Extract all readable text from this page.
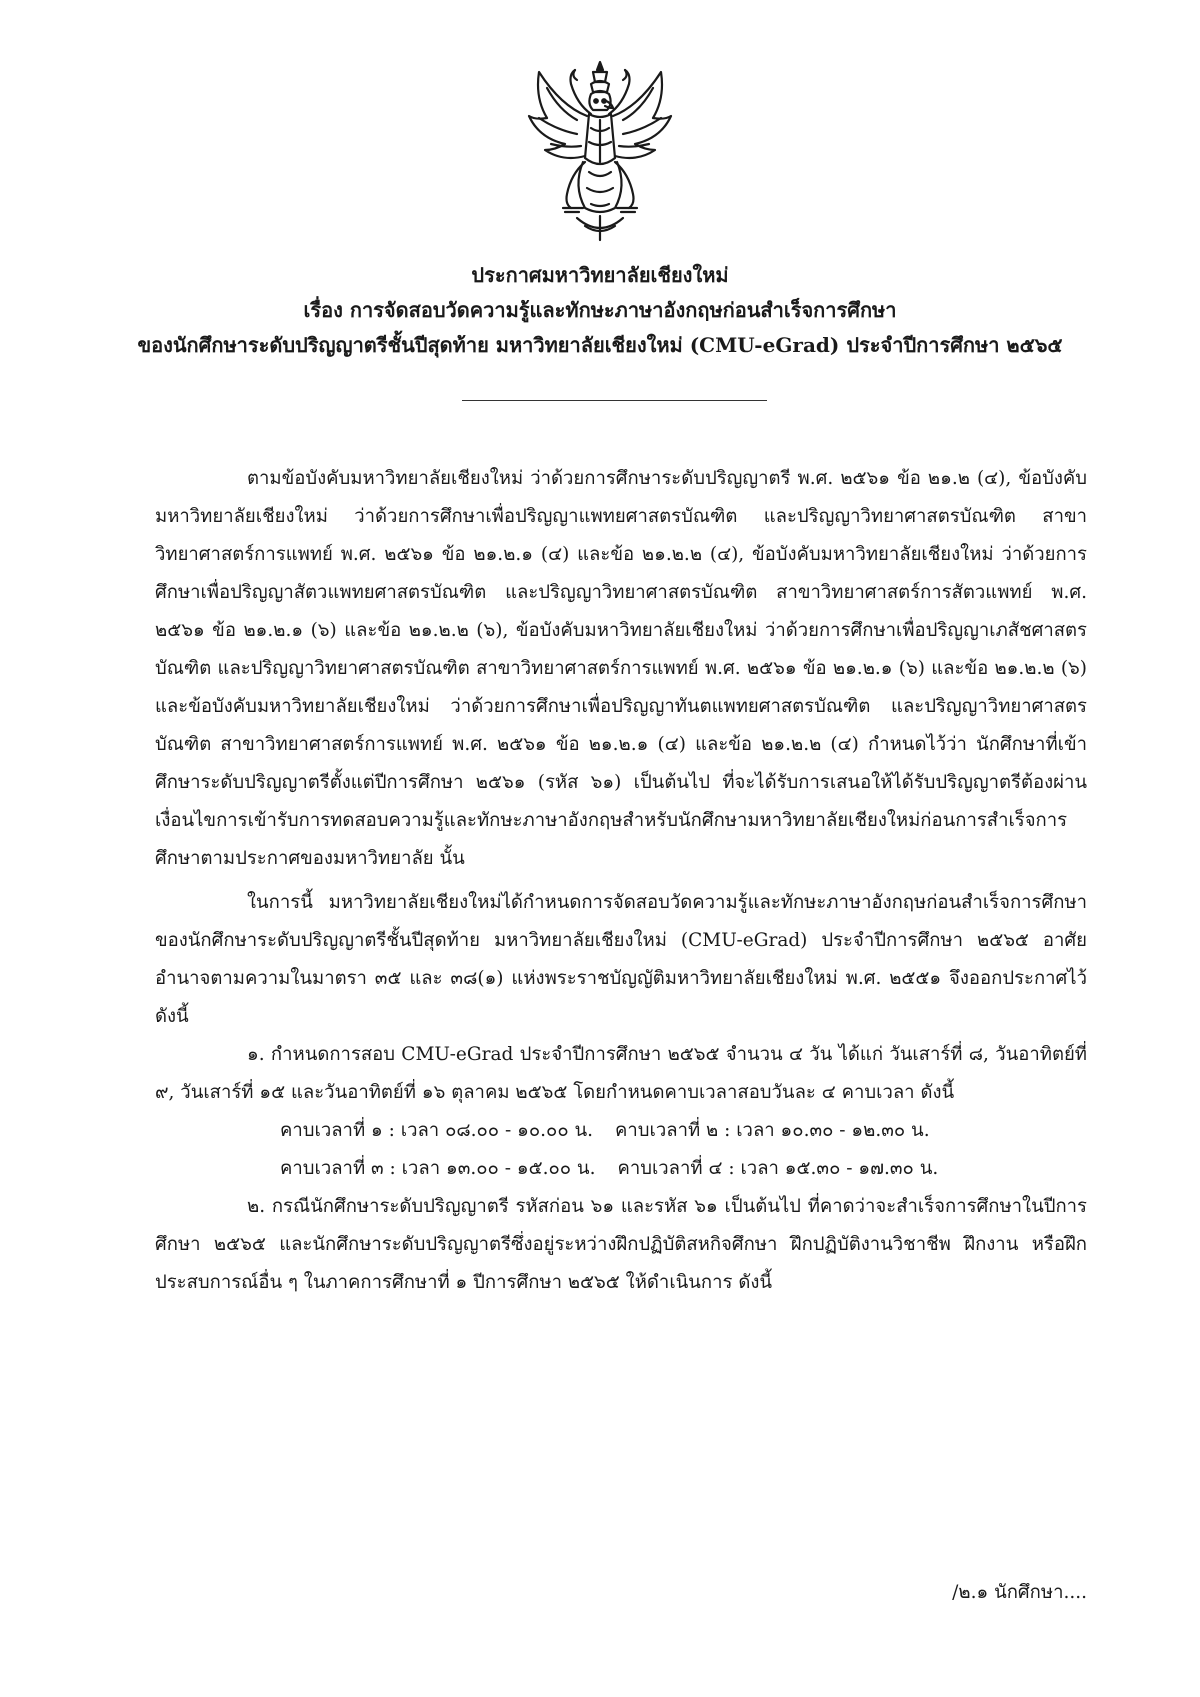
ประกาศมหาวิทยาลัยเชียงใหม่
เรื่อง การจัดสอบวัดความรู้และทักษะภาษาอังกฤษก่อนสำเร็จการศึกษา
ของนักศึกษาระดับปริญญาตรีชั้นปีสุดท้าย มหาวิทยาลัยเชียงใหม่ (CMU-eGrad) ประจำปีการศึกษา ๒๕๖๕

ตามข้อบังคับมหาวิทยาลัยเชียงใหม่ ว่าด้วยการศึกษาระดับปริญญาตรี พ.ศ. ๒๕๖๑ ข้อ ๒๑.๒ (๔), ข้อบังคับมหาวิทยาลัยเชียงใหม่ ว่าด้วยการศึกษาเพื่อปริญญาแพทยศาสตรบัณฑิต และปริญญาวิทยาศาสตรบัณฑิต สาขาวิทยาศาสตร์การแพทย์ พ.ศ. ๒๕๖๑ ข้อ ๒๑.๒.๑ (๔) และข้อ ๒๑.๒.๒ (๔), ข้อบังคับมหาวิทยาลัยเชียงใหม่ ว่าด้วยการศึกษาเพื่อปริญญาสัตวแพทยศาสตรบัณฑิต และปริญญาวิทยาศาสตรบัณฑิต สาขาวิทยาศาสตร์การสัตวแพทย์ พ.ศ. ๒๕๖๑ ข้อ ๒๑.๒.๑ (๖) และข้อ ๒๑.๒.๒ (๖), ข้อบังคับมหาวิทยาลัยเชียงใหม่ ว่าด้วยการศึกษาเพื่อปริญญาเภสัชศาสตรบัณฑิต และปริญญาวิทยาศาสตรบัณฑิต สาขาวิทยาศาสตร์การแพทย์ พ.ศ. ๒๕๖๑ ข้อ ๒๑.๒.๑ (๖) และข้อ ๒๑.๒.๒ (๖) และข้อบังคับมหาวิทยาลัยเชียงใหม่ ว่าด้วยการศึกษาเพื่อปริญญาทันตแพทยศาสตรบัณฑิต และปริญญาวิทยาศาสตรบัณฑิต สาขาวิทยาศาสตร์การแพทย์ พ.ศ. ๒๕๖๑ ข้อ ๒๑.๒.๑ (๔) และข้อ ๒๑.๒.๒ (๔) กำหนดไว้ว่า นักศึกษาที่เข้าศึกษาระดับปริญญาตรีตั้งแต่ปีการศึกษา ๒๕๖๑ (รหัส ๖๑) เป็นต้นไป ที่จะได้รับการเสนอให้ได้รับปริญญาตรีต้องผ่านเงื่อนไขการเข้ารับการทดสอบความรู้และทักษะภาษาอังกฤษสำหรับนักศึกษามหาวิทยาลัยเชียงใหม่ก่อนการสำเร็จการศึกษาตามประกาศของมหาวิทยาลัย นั้น

ในการนี้ มหาวิทยาลัยเชียงใหม่ได้กำหนดการจัดสอบวัดความรู้และทักษะภาษาอังกฤษก่อนสำเร็จการศึกษาของนักศึกษาระดับปริญญาตรีชั้นปีสุดท้าย มหาวิทยาลัยเชียงใหม่ (CMU-eGrad) ประจำปีการศึกษา ๒๕๖๕ อาศัยอำนาจตามความในมาตรา ๓๕ และ ๓๘(๑) แห่งพระราชบัญญัติมหาวิทยาลัยเชียงใหม่ พ.ศ. ๒๕๕๑ จึงออกประกาศไว้ ดังนี้

๑. กำหนดการสอบ CMU-eGrad ประจำปีการศึกษา ๒๕๖๕ จำนวน ๔ วัน ได้แก่ วันเสาร์ที่ ๘, วันอาทิตย์ที่ ๙, วันเสาร์ที่ ๑๕ และวันอาทิตย์ที่ ๑๖ ตุลาคม ๒๕๖๕ โดยกำหนดคาบเวลาสอบวันละ ๔ คาบเวลา ดังนี้

คาบเวลาที่ ๑ : เวลา ๐๘.๐๐ - ๑๐.๐๐ น. คาบเวลาที่ ๒ : เวลา ๑๐.๓๐ - ๑๒.๓๐ น.
คาบเวลาที่ ๓ : เวลา ๑๓.๐๐ - ๑๕.๐๐ น. คาบเวลาที่ ๔ : เวลา ๑๕.๓๐ - ๑๗.๓๐ น.

๒. กรณีนักศึกษาระดับปริญญาตรี รหัสก่อน ๖๑ และรหัส ๖๑ เป็นต้นไป ที่คาดว่าจะสำเร็จการศึกษาในปีการศึกษา ๒๕๖๕ และนักศึกษาระดับปริญญาตรีซึ่งอยู่ระหว่างฝึกปฏิบัติสหกิจศึกษา ฝึกปฏิบัติงานวิชาชีพ ฝึกงาน หรือฝึกประสบการณ์อื่น ๆ ในภาคการศึกษาที่ ๑ ปีการศึกษา ๒๕๖๕ ให้ดำเนินการ ดังนี้

/๒.๑ นักศึกษา....
